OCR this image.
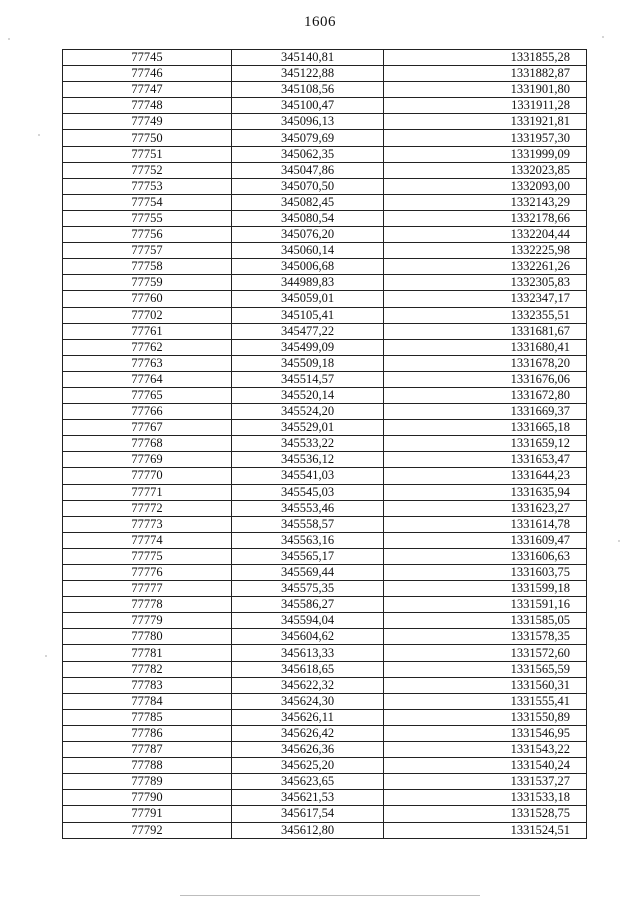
1606
77745	345140,81	1331855,28
77746	345122,88	1331882,87
77747	345108,56	1331901,80
77748	345100,47	1331911,28
77749	345096,13	1331921,81
77750	345079,69	1331957,30
77751	345062,35	1331999,09
77752	345047,86	1332023,85
77753	345070,50	1332093,00
77754	345082,45	1332143,29
77755	345080,54	1332178,66
77756	345076,20	1332204,44
77757	345060,14	1332225,98
77758	345006,68	1332261,26
77759	344989,83	1332305,83
77760	345059,01	1332347,17
77702	345105,41	1332355,51
77761	345477,22	1331681,67
77762	345499,09	1331680,41
77763	345509,18	1331678,20
77764	345514,57	1331676,06
77765	345520,14	1331672,80
77766	345524,20	1331669,37
77767	345529,01	1331665,18
77768	345533,22	1331659,12
77769	345536,12	1331653,47
77770	345541,03	1331644,23
77771	345545,03	1331635,94
77772	345553,46	1331623,27
77773	345558,57	1331614,78
77774	345563,16	1331609,47
77775	345565,17	1331606,63
77776	345569,44	1331603,75
77777	345575,35	1331599,18
77778	345586,27	1331591,16
77779	345594,04	1331585,05
77780	345604,62	1331578,35
77781	345613,33	1331572,60
77782	345618,65	1331565,59
77783	345622,32	1331560,31
77784	345624,30	1331555,41
77785	345626,11	1331550,89
77786	345626,42	1331546,95
77787	345626,36	1331543,22
77788	345625,20	1331540,24
77789	345623,65	1331537,27
77790	345621,53	1331533,18
77791	345617,54	1331528,75
77792	345612,80	1331524,51
